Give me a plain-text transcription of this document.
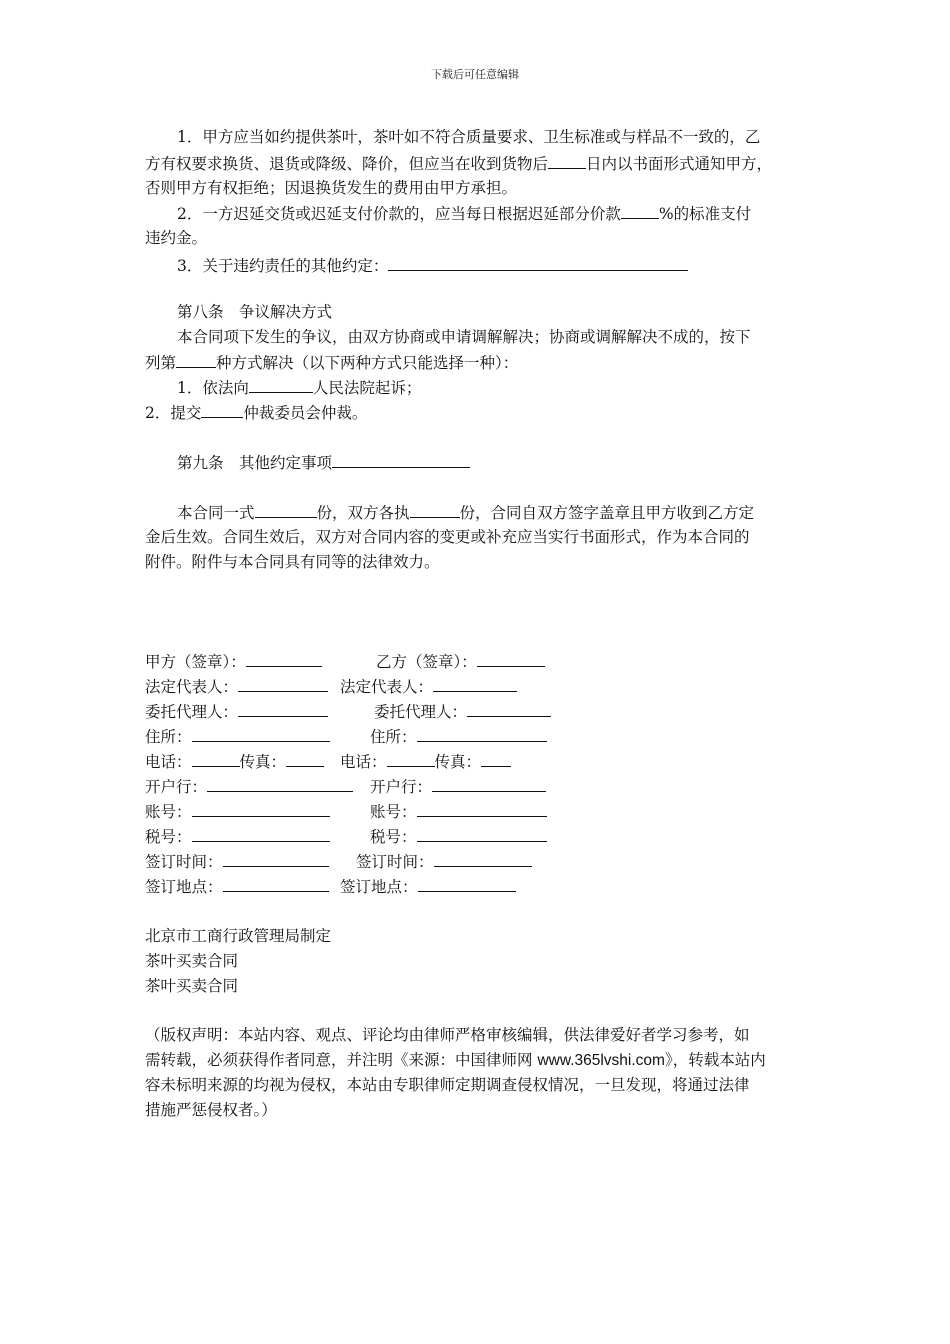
下载后可任意编辑
1．甲方应当如约提供茶叶，茶叶如不符合质量要求、卫生标准或与样品不一致的，乙
方有权要求换货、退货或降级、降价，但应当在收到货物后 日内以书面形式通知甲方，
否则甲方有权拒绝；因退换货发生的费用由甲方承担。
2．一方迟延交货或迟延支付价款的，应当每日根据迟延部分价款 %的标准支付
违约金。
3．关于违约责任的其他约定：
第八条　争议解决方式
本合同项下发生的争议，由双方协商或申请调解解决；协商或调解解决不成的，按下
列第	种方式解决（以下两种方式只能选择一种）：
1．依法向	人民法院起诉；
2．提交	仲裁委员会仲裁。
第九条　其他约定事项
本合同一式	份，双方各执	份，合同自双方签字盖章且甲方收到乙方定
金后生效。合同生效后，双方对合同内容的变更或补充应当实行书面形式，作为本合同的
附件。附件与本合同具有同等的法律效力。
甲方（签章）：	乙方（签章）：
法定代表人：	法定代表人：
委托代理人：	委托代理人：
住所：	住所：
电话：	传真：	电话：	传真：
开户行：	开户行：
账号：	账号：
税号：	税号：
签订时间：	签订时间：
签订地点：	签订地点：
北京市工商行政管理局制定
茶叶买卖合同
茶叶买卖合同
（版权声明：本站内容、观点、评论均由律师严格审核编辑，供法律爱好者学习参考，如
需转载，必须获得作者同意，并注明《来源：中国律师网 www.365lvshi.com》，转载本站内
容未标明来源的均视为侵权，本站由专职律师定期调查侵权情况，一旦发现，将通过法律
措施严惩侵权者。）
